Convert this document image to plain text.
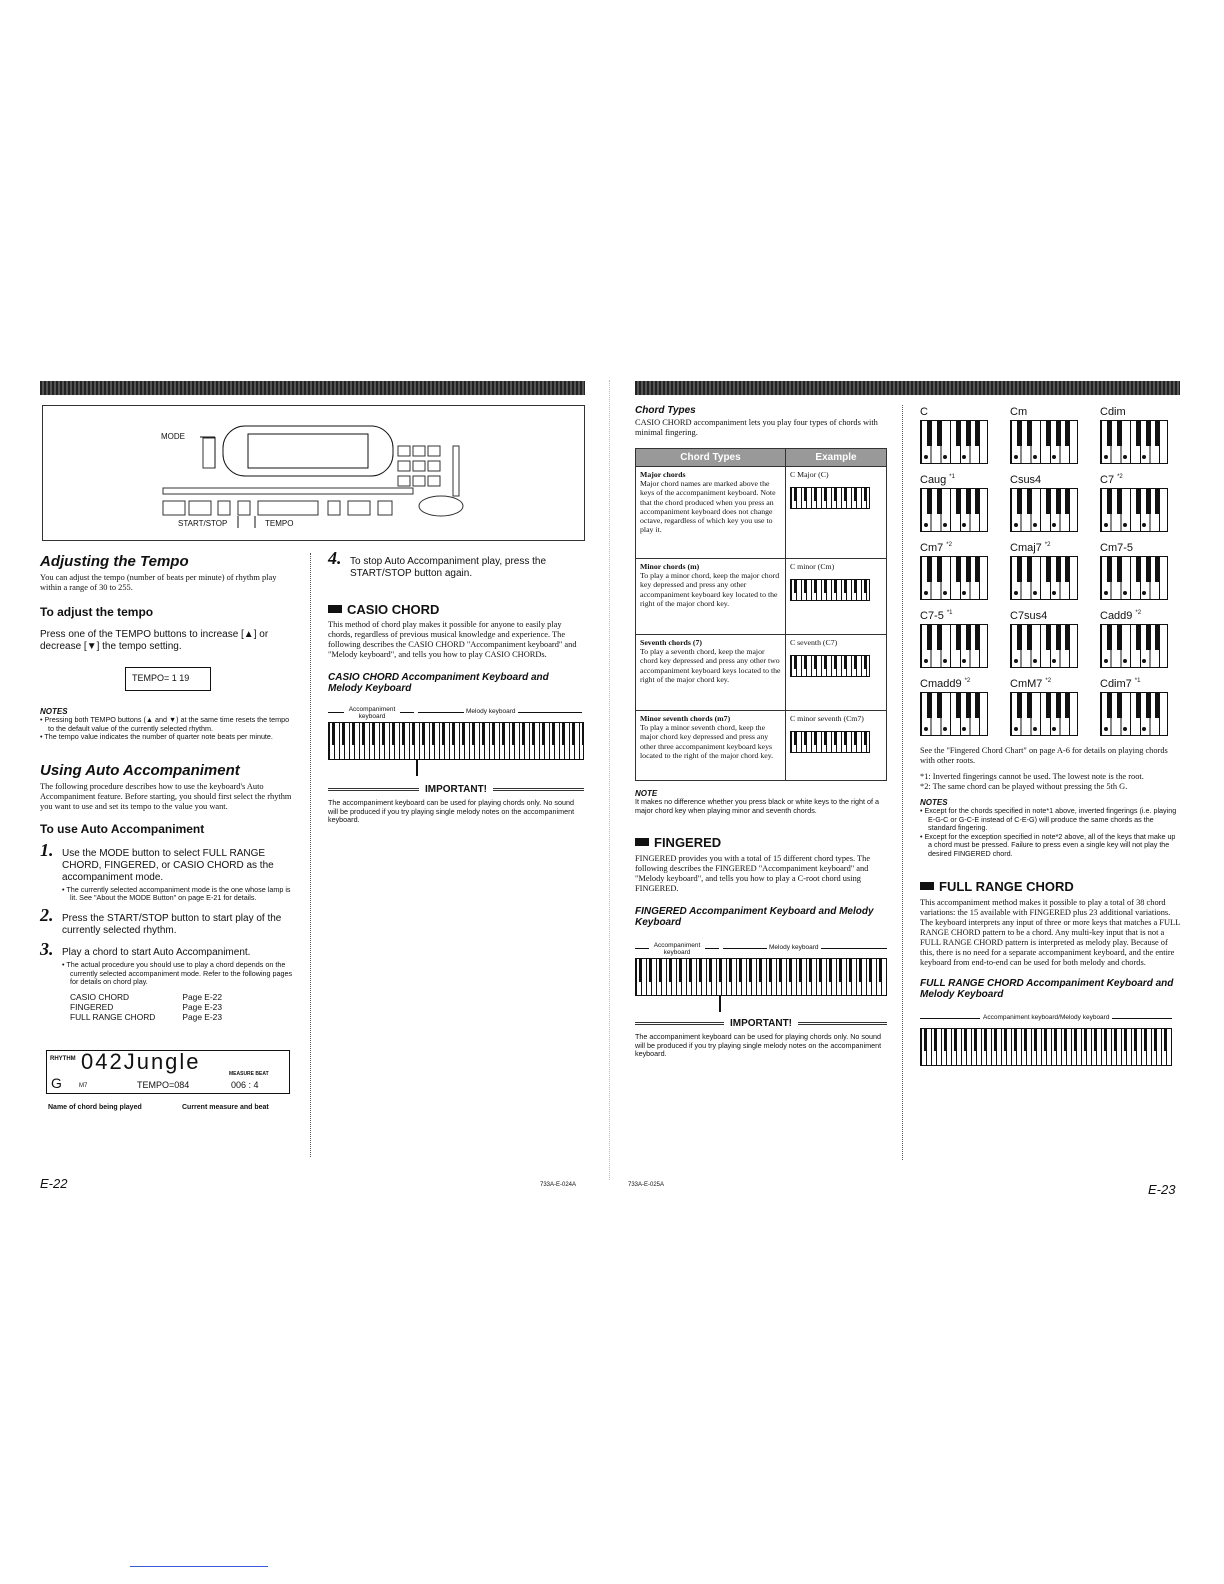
MODE
START/STOP	TEMPO
Adjusting the Tempo

You can adjust the tempo (number of beats per minute) of rhythm play within a range of 30 to 255.

To adjust the tempo

Press one of the TEMPO buttons to increase [▲] or decrease [▼] the tempo setting.

TEMPO= 1 19
NOTES
• Pressing both TEMPO buttons (▲ and ▼) at the same time resets the tempo to the default value of the currently selected rhythm.
• The tempo value indicates the number of quarter note beats per minute.
Using Auto Accompaniment

The following procedure describes how to use the keyboard's Auto Accompaniment feature. Before starting, you should first select the rhythm you want to use and set its tempo to the value you want.

To use Auto Accompaniment
1. Use the MODE button to select FULL RANGE CHORD, FINGERED, or CASIO CHORD as the accompaniment mode.
• The currently selected accompaniment mode is the one whose lamp is lit. See "About the MODE Button" on page E-21 for details.
2. Press the START/STOP button to start play of the currently selected rhythm.
3. Play a chord to start Auto Accompaniment.
• The actual procedure you should use to play a chord depends on the currently selected accompaniment mode. Refer to the following pages for details on chord play.
CASIO CHORD	Page E-22
FINGERED	Page E-23
FULL RANGE CHORD	Page E-23
RHYTHM 042Jungle
G	M7	TEMPO=084
MEASURE BEAT
006 : 4
Name of chord being played	Current measure and beat
4. To stop Auto Accompaniment play, press the START/STOP button again.
CASIO CHORD

This method of chord play makes it possible for anyone to easily play chords, regardless of previous musical knowledge and experience. The following describes the CASIO CHORD "Accompaniment keyboard" and "Melody keyboard", and tells you how to play CASIO CHORDs.

CASIO CHORD Accompaniment Keyboard and Melody Keyboard
Accompaniment keyboard
Melody keyboard
IMPORTANT!

The accompaniment keyboard can be used for playing chords only. No sound will be produced if you try playing single melody notes on the accompaniment keyboard.

E-22	733A-E-024A
Chord Types

CASIO CHORD accompaniment lets you play four types of chords with minimal fingering.

Chord Types	Example
Major chords
Major chord names are marked above the keys of the accompaniment keyboard. Note that the chord produced when you press an accompaniment keyboard does not change octave, regardless of which key you use to play it.	C Major (C)

Minor chords (m)
To play a minor chord, keep the major chord key depressed and press any other accompaniment keyboard key located to the right of the major chord key.	C minor (Cm)

Seventh chords (7)
To play a seventh chord, keep the major chord key depressed and press any other two accompaniment keyboard keys located to the right of the major chord key.	C seventh (C7)

Minor seventh chords (m7)
To play a minor seventh chord, keep the major chord key depressed and press any other three accompaniment keyboard keys located to the right of the major chord key.	C minor seventh (Cm7)
NOTE

It makes no difference whether you press black or white keys to the right of a major chord key when playing minor and seventh chords.

FINGERED

FINGERED provides you with a total of 15 different chord types. The following describes the FINGERED "Accompaniment keyboard" and "Melody keyboard", and tells you how to play a C-root chord using FINGERED.

FINGERED Accompaniment Keyboard and Melody Keyboard
Accompaniment keyboard
Melody keyboard
IMPORTANT!

The accompaniment keyboard can be used for playing chords only. No sound will be produced if you try playing single melody notes on the accompaniment keyboard.

C	Cm	Cdim
Caug $^{*1}$	Csus4	C7 $^{*2}$
Cm7 $^{*2}$	Cmaj7 $^{*2}$	Cm7-5
C7-5 $^{*1}$	C7sus4	Cadd9 $^{*2}$
Cmadd9 $^{*2}$	CmM7 $^{*2}$	Cdim7 $^{*1}$

See the "Fingered Chord Chart" on page A-6 for details on playing chords with other roots.

*1: Inverted fingerings cannot be used. The lowest note is the root.

*2: The same chord can be played without pressing the 5th G.

NOTES
• Except for the chords specified in note*1 above, inverted fingerings (i.e. playing E-G-C or G-C-E instead of C-E-G) will produce the same chords as the standard fingering.
• Except for the exception specified in note*2 above, all of the keys that make up a chord must be pressed. Failure to press even a single key will not play the desired FINGERED chord.
FULL RANGE CHORD

This accompaniment method makes it possible to play a total of 38 chord variations: the 15 available with FINGERED plus 23 additional variations. The keyboard interprets any input of three or more keys that matches a FULL RANGE CHORD pattern to be a chord. Any multi-key input that is not a FULL RANGE CHORD pattern is interpreted as melody play. Because of this, there is no need for a separate accompaniment keyboard, and the entire keyboard from end-to-end can be used for both melody and chords.

FULL RANGE CHORD Accompaniment Keyboard and Melody Keyboard
Accompaniment keyboard/Melody keyboard
733A-E-025A	E-23
